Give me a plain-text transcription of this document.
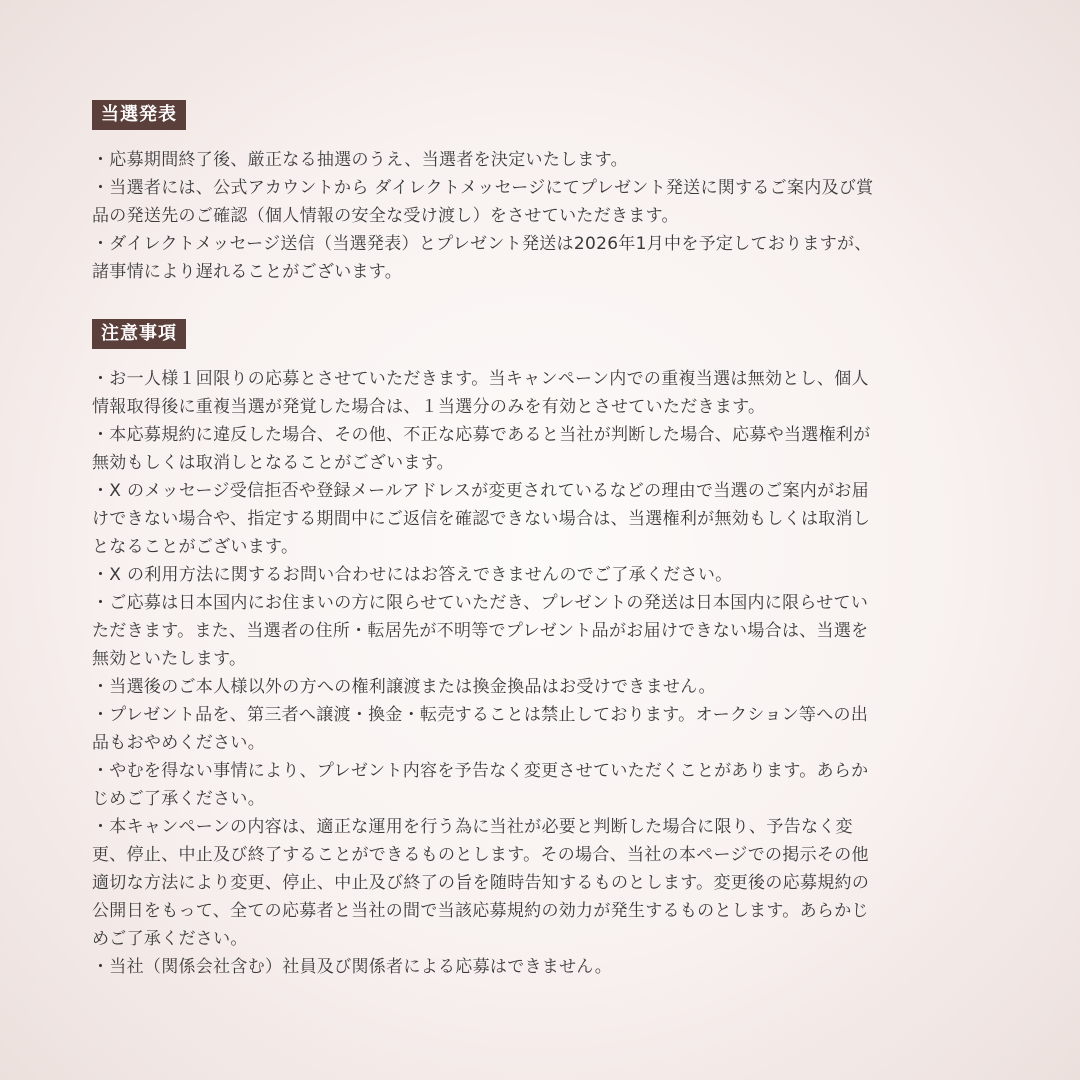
当選発表
・応募期間終了後、厳正なる抽選のうえ、当選者を決定いたします。
・当選者には、公式アカウントから ダイレクトメッセージにてプレゼント発送に関するご案内及び賞
品の発送先のご確認（個人情報の安全な受け渡し）をさせていただきます。
・ダイレクトメッセージ送信（当選発表）とプレゼント発送は2026年1月中を予定しておりますが、
諸事情により遅れることがございます。
注意事項
・お一人様１回限りの応募とさせていただきます。当キャンペーン内での重複当選は無効とし、個人
情報取得後に重複当選が発覚した場合は、１当選分のみを有効とさせていただきます。
・本応募規約に違反した場合、その他、不正な応募であると当社が判断した場合、応募や当選権利が
無効もしくは取消しとなることがございます。
・X のメッセージ受信拒否や登録メールアドレスが変更されているなどの理由で当選のご案内がお届
けできない場合や、指定する期間中にご返信を確認できない場合は、当選権利が無効もしくは取消し
となることがございます。
・X の利用方法に関するお問い合わせにはお答えできませんのでご了承ください。
・ご応募は日本国内にお住まいの方に限らせていただき、プレゼントの発送は日本国内に限らせてい
ただきます。また、当選者の住所・転居先が不明等でプレゼント品がお届けできない場合は、当選を
無効といたします。
・当選後のご本人様以外の方への権利譲渡または換金換品はお受けできません。
・プレゼント品を、第三者へ譲渡・換金・転売することは禁止しております。オークション等への出
品もおやめください。
・やむを得ない事情により、プレゼント内容を予告なく変更させていただくことがあります。あらか
じめご了承ください。
・本キャンペーンの内容は、適正な運用を行う為に当社が必要と判断した場合に限り、予告なく変
更、停止、中止及び終了することができるものとします。その場合、当社の本ページでの掲示その他
適切な方法により変更、停止、中止及び終了の旨を随時告知するものとします。変更後の応募規約の
公開日をもって、全ての応募者と当社の間で当該応募規約の効力が発生するものとします。あらかじ
めご了承ください。
・当社（関係会社含む）社員及び関係者による応募はできません。
